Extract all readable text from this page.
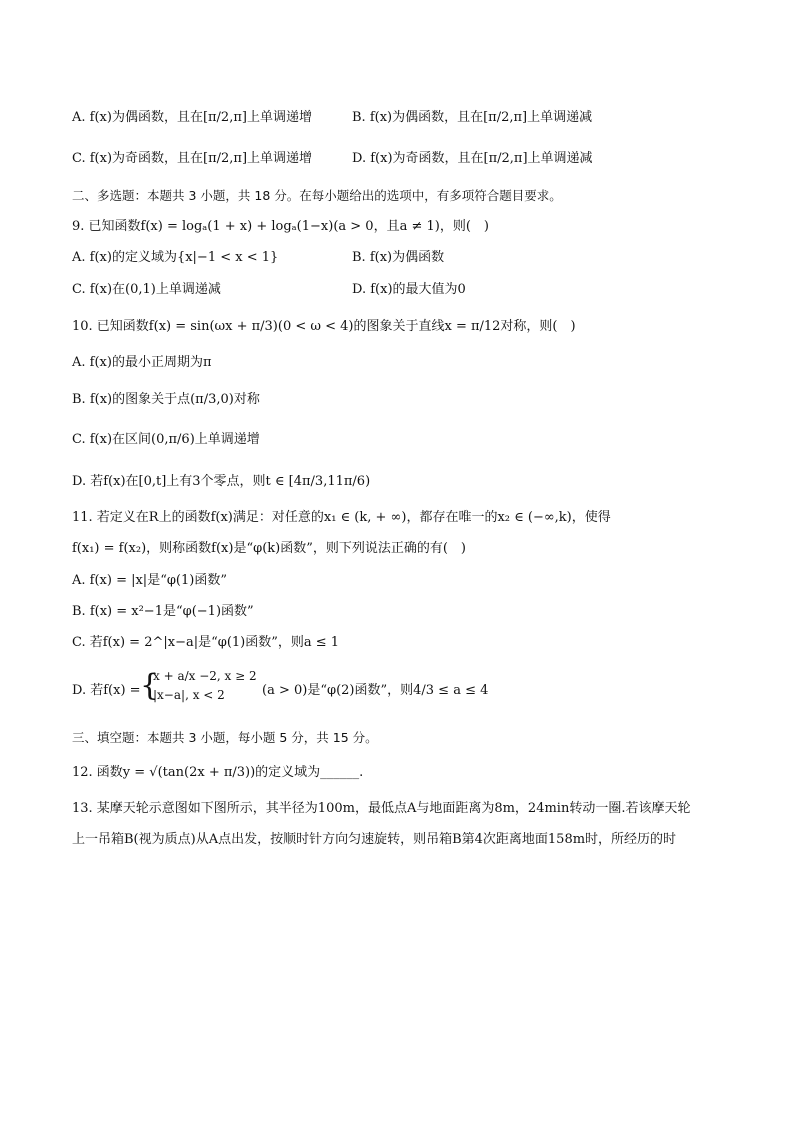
A. f(x)为偶函数，且在[π/2,π]上单调递增	B. f(x)为偶函数，且在[π/2,π]上单调递减
C. f(x)为奇函数，且在[π/2,π]上单调递增	D. f(x)为奇函数，且在[π/2,π]上单调递减
二、多选题：本题共 3 小题，共 18 分。在每小题给出的选项中，有多项符合题目要求。
9. 已知函数f(x) = logₐ(1 + x) + logₐ(1−x)(a > 0，且a ≠ 1)，则(　)
A. f(x)的定义域为{x|−1 < x < 1}	B. f(x)为偶函数
C. f(x)在(0,1)上单调递减	D. f(x)的最大值为0
10. 已知函数f(x) = sin(ωx + π/3)(0 < ω < 4)的图象关于直线x = π/12对称，则(　)
A. f(x)的最小正周期为π
B. f(x)的图象关于点(π/3,0)对称
C. f(x)在区间(0,π/6)上单调递增
D. 若f(x)在[0,t]上有3个零点，则t ∈ [4π/3,11π/6)
11. 若定义在R上的函数f(x)满足：对任意的x₁ ∈ (k, + ∞)，都存在唯一的x₂ ∈ (−∞,k)，使得
f(x₁) = f(x₂)，则称函数f(x)是“φ(k)函数”，则下列说法正确的有(　)
A. f(x) = |x|是“φ(1)函数”
B. f(x) = x²−1是“φ(−1)函数”
C. 若f(x) = 2^|x−a|是“φ(1)函数”，则a ≤ 1
D. 若f(x) = {
x + a/x −2, x ≥ 2
|x−a|, x < 2	(a > 0)是“φ(2)函数”，则4/3 ≤ a ≤ 4
三、填空题：本题共 3 小题，每小题 5 分，共 15 分。
12. 函数y = √(tan(2x + π/3))的定义域为______.
13. 某摩天轮示意图如下图所示，其半径为100m，最低点A与地面距离为8m，24min转动一圈.若该摩天轮
上一吊箱B(视为质点)从A点出发，按顺时针方向匀速旋转，则吊箱B第4次距离地面158m时，所经历的时
